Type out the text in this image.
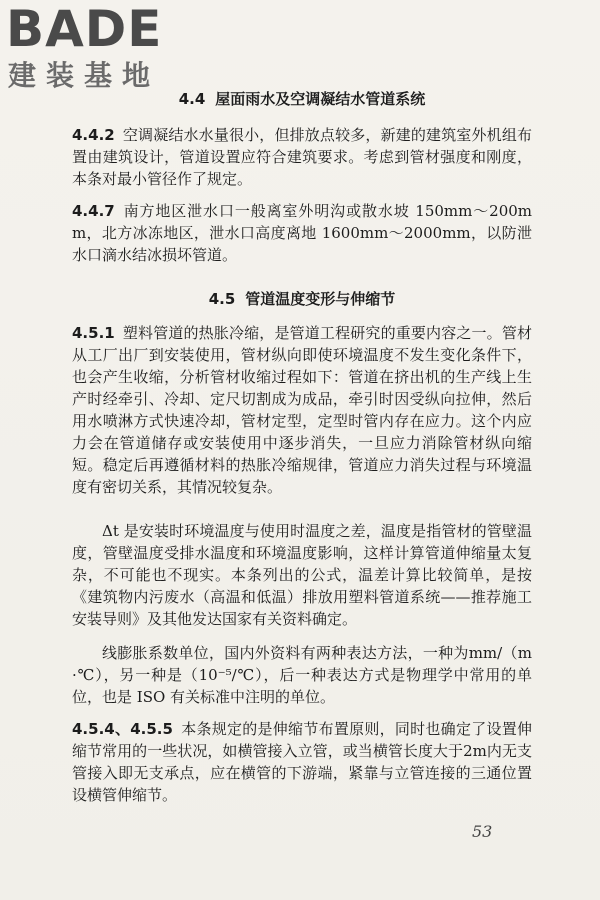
BADE
建装基地
4.4 屋面雨水及空调凝结水管道系统
4.4.2 空调凝结水水量很小，但排放点较多，新建的建筑室外机组布置由建筑设计，管道设置应符合建筑要求。考虑到管材强度和刚度，本条对最小管径作了规定。
4.4.7 南方地区泄水口一般离室外明沟或散水坡 150mm～200mm，北方冰冻地区，泄水口高度离地 1600mm～2000mm，以防泄水口滴水结冰损坏管道。
4.5 管道温度变形与伸缩节
4.5.1 塑料管道的热胀冷缩，是管道工程研究的重要内容之一。管材从工厂出厂到安装使用，管材纵向即使环境温度不发生变化条件下，也会产生收缩，分析管材收缩过程如下：管道在挤出机的生产线上生产时经牵引、冷却、定尺切割成为成品，牵引时因受纵向拉伸，然后用水喷淋方式快速冷却，管材定型，定型时管内存在应力。这个内应力会在管道储存或安装使用中逐步消失，一旦应力消除管材纵向缩短。稳定后再遵循材料的热胀冷缩规律，管道应力消失过程与环境温度有密切关系，其情况较复杂。
Δt 是安装时环境温度与使用时温度之差，温度是指管材的管壁温度，管壁温度受排水温度和环境温度影响，这样计算管道伸缩量太复杂，不可能也不现实。本条列出的公式，温差计算比较简单，是按《建筑物内污废水（高温和低温）排放用塑料管道系统——推荐施工安装导则》及其他发达国家有关资料确定。
线膨胀系数单位，国内外资料有两种表达方法，一种为mm/（m·℃），另一种是（10⁻⁵/℃），后一种表达方式是物理学中常用的单位，也是 ISO 有关标准中注明的单位。
4.5.4、4.5.5 本条规定的是伸缩节布置原则，同时也确定了设置伸缩节常用的一些状况，如横管接入立管，或当横管长度大于2m内无支管接入即无支承点，应在横管的下游端，紧靠与立管连接的三通位置设横管伸缩节。
53
